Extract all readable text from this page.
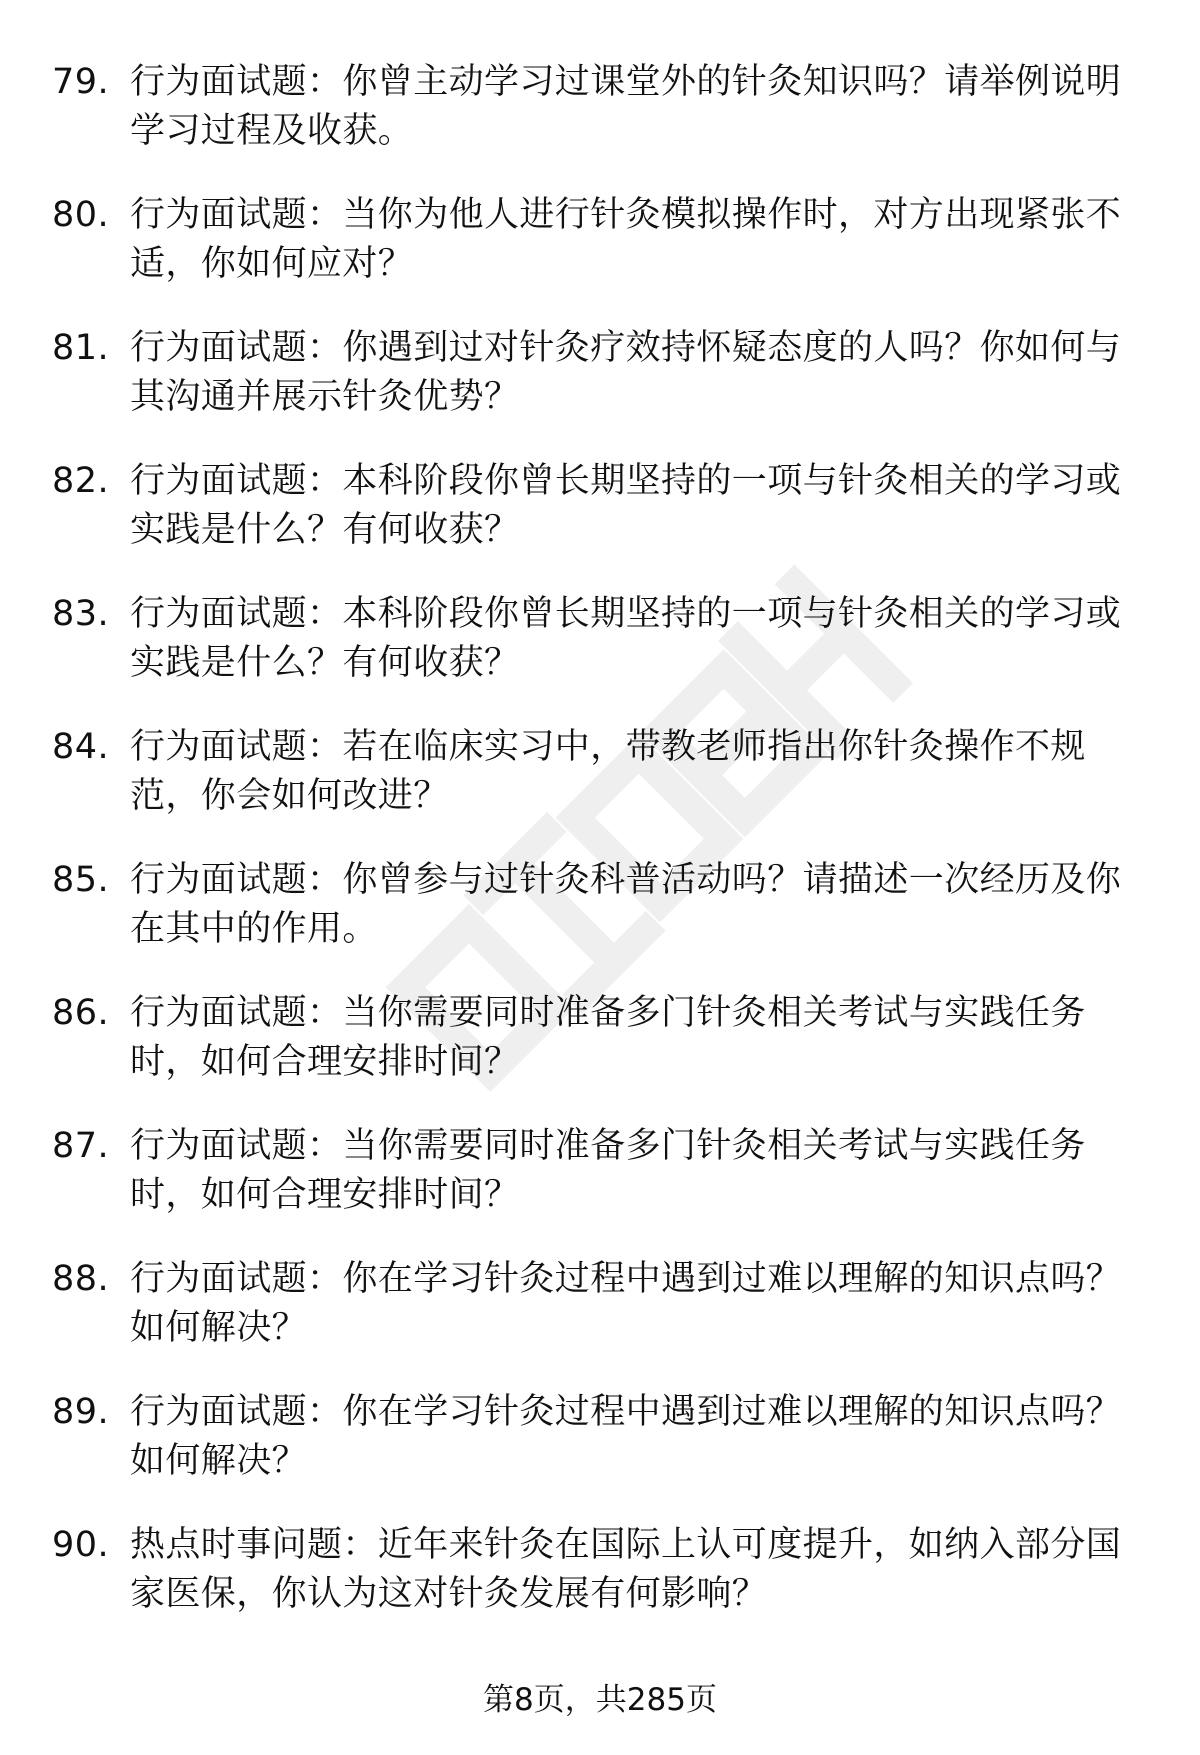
79. 行为面试题：你曾主动学习过课堂外的针灸知识吗？请举例说明学习过程及收获。
80. 行为面试题：当你为他人进行针灸模拟操作时，对方出现紧张不适，你如何应对？
81. 行为面试题：你遇到过对针灸疗效持怀疑态度的人吗？你如何与其沟通并展示针灸优势？
82. 行为面试题：本科阶段你曾长期坚持的一项与针灸相关的学习或实践是什么？有何收获？
83. 行为面试题：本科阶段你曾长期坚持的一项与针灸相关的学习或实践是什么？有何收获？
84. 行为面试题：若在临床实习中，带教老师指出你针灸操作不规范，你会如何改进？
85. 行为面试题：你曾参与过针灸科普活动吗？请描述一次经历及你在其中的作用。
86. 行为面试题：当你需要同时准备多门针灸相关考试与实践任务时，如何合理安排时间？
87. 行为面试题：当你需要同时准备多门针灸相关考试与实践任务时，如何合理安排时间？
88. 行为面试题：你在学习针灸过程中遇到过难以理解的知识点吗？如何解决？
89. 行为面试题：你在学习针灸过程中遇到过难以理解的知识点吗？如何解决？
90. 热点时事问题：近年来针灸在国际上认可度提升，如纳入部分国家医保，你认为这对针灸发展有何影响？
第8页，共285页
